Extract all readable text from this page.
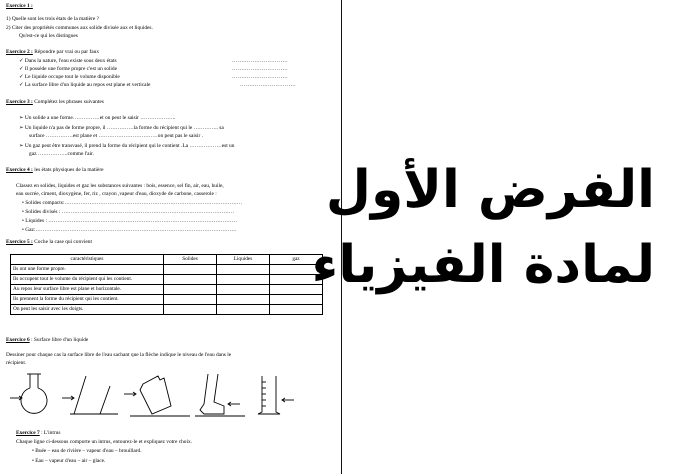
Exercice 1 :
1) Quelle sont les trois états de la matière ?
2) Citer des propriétés communes aux solide divisée aux et liquides.
Qu'est-ce qui les distingues
Exercice 2 : Répondre par vrai ou par faux
✓ Dans la nature, l'eau existe sous deux états	…………………………
✓ Il possède une forme propre c'est un solide	…………………………
✓ Le liquide occupe tout le volume disponible	…………………………
✓ La surface libre d'un liquide au repos est plane et verticale	…………………………
Exercice 3 : Complétez les phrases suivantes
➢ Un solide a une forme……………et on peut le saisir ………………..
➢ Un liquide n'a pas de forme propre, il ……………la forme du récipient qui le ………….. sa
surface ……………est plane et ……………………………on peut pas le saisir .
➢ Un gaz peut être transvasé, il prend la forme du récipient qui le contient .La ………………est un
gaz ……………..comme l'air.
Exercice 4 : les états physiques de la matière
Classez en solides, liquides et gaz les substances suivantes : bois, essence, sel fin, air, eau, huile,
eau sucrée, ciment, dioxygène, fer, riz , crayon ,vapeur d'eau, dioxyde de carbone, casserole :
• Solides compacts:………………………………………………………………………………………
• Solides divisés : ……………………………………………………………………………………
• Liquides : ……………………………………………………………………………………………
• Gaz:………………………………………………………………………………………………….
Exercice 5 : Coche la case qui convient
caractéristiques	Solides	Liquides	gaz
Ils ont une forme propre.			
Ils occupent tout le volume du récipient qui les contient.			
Au repos leur surface libre est plane et horizontale.			
Ils prennent la forme du récipient qui les contient.			
On peut les saisir avec les doigts.			
Exercice 6 : Surface libre d'un liquide
Dessiner pour chaque cas la surface libre de l'eau sachant que la flèche indique le niveau de l'eau dans le
récipient.
Exercice 7 : L'intrus
Chaque ligne ci-dessous comporte un intrus, entourez-le et expliquez votre choix.
• Buée – eau de rivière – vapeur d'eau – brouillard.
• Eau – vapeur d'eau – air – glace.
الفرض الأول
لمادة الفيزياء
